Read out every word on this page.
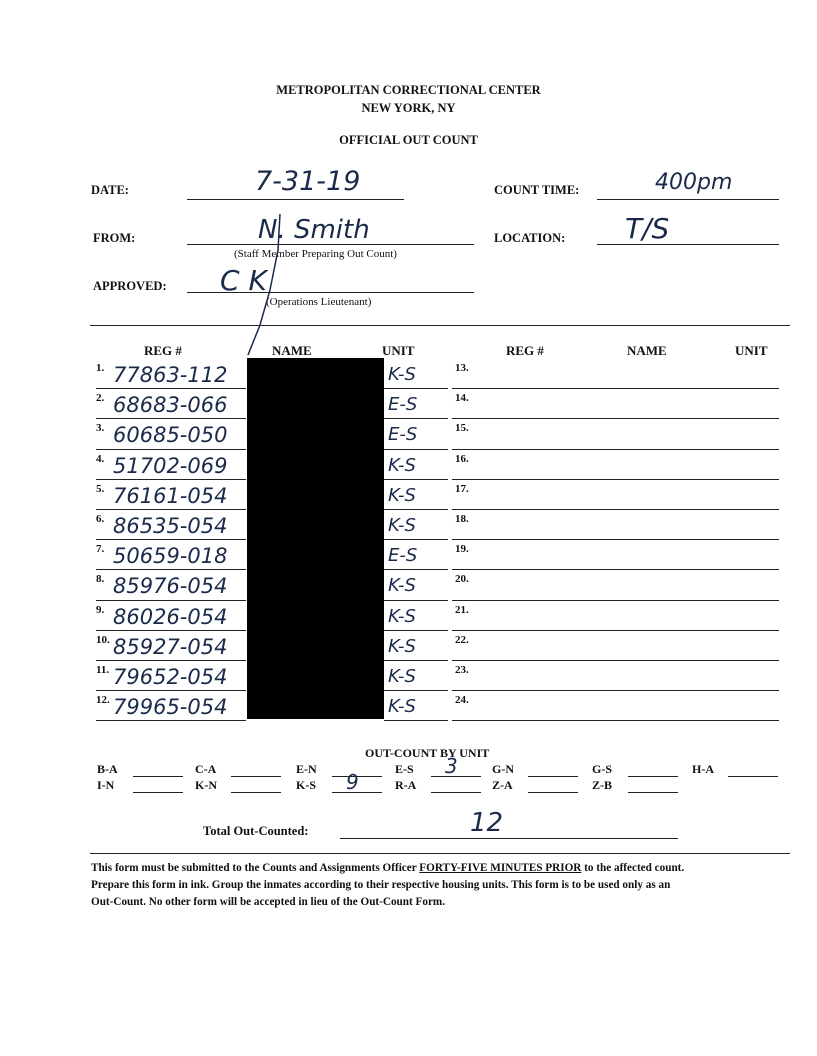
METROPOLITAN CORRECTIONAL CENTER
NEW YORK, NY
OFFICIAL OUT COUNT
DATE:	7-31-19	COUNT TIME:	400pm
FROM:	N. Smith
(Staff Member Preparing Out Count)
LOCATION: T/S
APPROVED: C K
(Operations Lieutenant)
REG #	NAME	UNIT	REG #	NAME	UNIT
1. 77863-112	K-S
2. 68683-066	E-S
3. 60685-050	E-S
4. 51702-069	K-S
5. 76161-054	K-S
6. 86535-054	K-S
7. 50659-018	E-S
8. 85976-054	K-S
9. 86026-054	K-S
10. 85927-054	K-S
11. 79652-054	K-S
12. 79965-054	K-S
13.
14.
15.
16.
17.
18.
19.
20.
21.
22.
23.
24.
OUT-COUNT BY UNIT
B-A	C-A	E-N	E-S 3	G-N	G-S	H-A
I-N	K-N	K-S 9	R-A	Z-A	Z-B
Total Out-Counted:	12
This form must be submitted to the Counts and Assignments Officer FORTY-FIVE MINUTES PRIOR to the affected count.
Prepare this form in ink. Group the inmates according to their respective housing units. This form is to be used only as an
Out-Count. No other form will be accepted in lieu of the Out-Count Form.
